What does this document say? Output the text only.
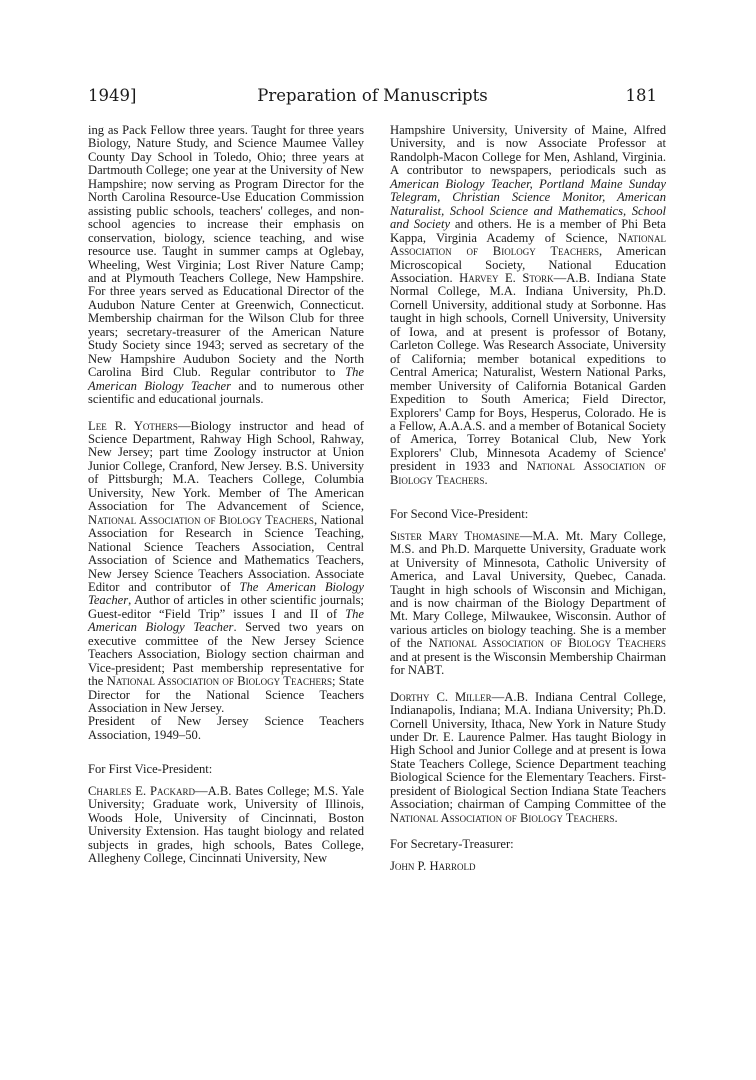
1949]	Preparation of Manuscripts	181

ing as Pack Fellow three years. Taught for three years Biology, Nature Study, and Science Maumee Valley County Day School in Toledo, Ohio; three years at Dartmouth College; one year at the University of New Hampshire; now serving as Program Director for the North Carolina Resource-Use Education Commission assisting public schools, teachers' colleges, and non-school agencies to increase their emphasis on conservation, biology, science teaching, and wise resource use. Taught in summer camps at Oglebay, Wheeling, West Virginia; Lost River Nature Camp; and at Plymouth Teachers College, New Hampshire. For three years served as Educational Director of the Audubon Nature Center at Greenwich, Connecticut. Membership chairman for the Wilson Club for three years; secretary-treasurer of the American Nature Study Society since 1943; served as secretary of the New Hampshire Audubon Society and the North Carolina Bird Club. Regular contributor to The American Biology Teacher and to numerous other scientific and educational journals.

Lee R. Yothers—Biology instructor and head of Science Department, Rahway High School, Rahway, New Jersey; part time Zoology instructor at Union Junior College, Cranford, New Jersey. B.S. University of Pittsburgh; M.A. Teachers College, Columbia University, New York. Member of The American Association for The Advancement of Science, National Association of Biology Teachers, National Association for Research in Science Teaching, National Science Teachers Association, Central Association of Science and Mathematics Teachers, New Jersey Science Teachers Association. Associate Editor and contributor of The American Biology Teacher, Author of articles in other scientific journals; Guest-editor “Field Trip” issues I and II of The American Biology Teacher. Served two years on executive committee of the New Jersey Science Teachers Association, Biology section chairman and Vice-president; Past membership representative for the National Association of Biology Teachers; State Director for the National Science Teachers Association in New Jersey.

President of New Jersey Science Teachers Association, 1949–50.

For First Vice-President:

Charles E. Packard—A.B. Bates College; M.S. Yale University; Graduate work, University of Illinois, Woods Hole, University of Cincinnati, Boston University Extension. Has taught biology and related subjects in grades, high schools, Bates College, Allegheny College, Cincinnati University, New

Hampshire University, University of Maine, Alfred University, and is now Associate Professor at Randolph-Macon College for Men, Ashland, Virginia. A contributor to newspapers, periodicals such as American Biology Teacher, Portland Maine Sunday Telegram, Christian Science Monitor, American Naturalist, School Science and Mathematics, School and Society and others. He is a member of Phi Beta Kappa, Virginia Academy of Science, National Association of Biology Teachers, American Microscopical Society, National Education Association. Harvey E. Stork—A.B. Indiana State Normal College, M.A. Indiana University, Ph.D. Cornell University, additional study at Sorbonne. Has taught in high schools, Cornell University, University of Iowa, and at present is professor of Botany, Carleton College. Was Research Associate, University of California; member botanical expeditions to Central America; Naturalist, Western National Parks, member University of California Botanical Garden Expedition to South America; Field Director, Explorers' Camp for Boys, Hesperus, Colorado. He is a Fellow, A.A.A.S. and a member of Botanical Society of America, Torrey Botanical Club, New York Explorers' Club, Minnesota Academy of Science' president in 1933 and National Association of Biology Teachers.

For Second Vice-President:

Sister Mary Thomasine—M.A. Mt. Mary College, M.S. and Ph.D. Marquette University, Graduate work at University of Minnesota, Catholic University of America, and Laval University, Quebec, Canada. Taught in high schools of Wisconsin and Michigan, and is now chairman of the Biology Department of Mt. Mary College, Milwaukee, Wisconsin. Author of various articles on biology teaching. She is a member of the National Association of Biology Teachers and at present is the Wisconsin Membership Chairman for NABT.

Dorthy C. Miller—A.B. Indiana Central College, Indianapolis, Indiana; M.A. Indiana University; Ph.D. Cornell University, Ithaca, New York in Nature Study under Dr. E. Laurence Palmer. Has taught Biology in High School and Junior College and at present is Iowa State Teachers College, Science Department teaching Biological Science for the Elementary Teachers. First-president of Biological Section Indiana State Teachers Association; chairman of Camping Committee of the National Association of Biology Teachers.

For Secretary-Treasurer:

John P. Harrold
